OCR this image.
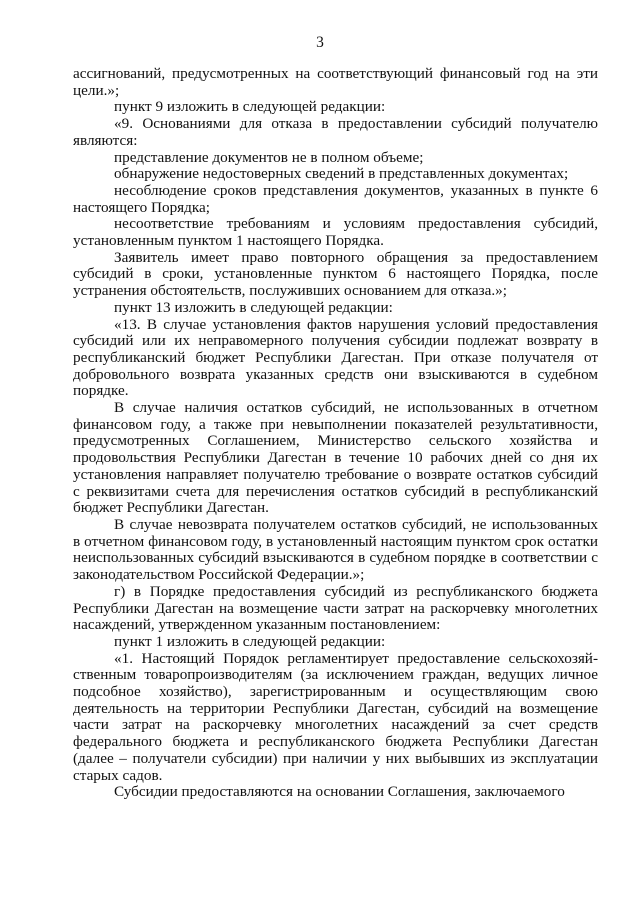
3

ассигнований, предусмотренных на соответствующий финансовый год на эти цели.»;

пункт 9 изложить в следующей редакции:

«9. Основаниями для отказа в предоставлении субсидий получателю являются:

представление документов не в полном объеме;

обнаружение недостоверных сведений в представленных документах;

несоблюдение сроков представления документов, указанных в пункте 6 настоящего Порядка;

несоответствие требованиям и условиям предоставления субсидий, установленным пунктом 1 настоящего Порядка.

Заявитель имеет право повторного обращения за предоставлением субсидий в сроки, установленные пунктом 6 настоящего Порядка, после устранения обстоятельств, послуживших основанием для отказа.»;

пункт 13 изложить в следующей редакции:

«13. В случае установления фактов нарушения условий предоставления субсидий или их неправомерного получения субсидии подлежат возврату в республиканский бюджет Республики Дагестан. При отказе получателя от добровольного возврата указанных средств они взыскиваются в судебном порядке.

В случае наличия остатков субсидий, не использованных в отчетном финансовом году, а также при невыполнении показателей результативности, предусмотренных Соглашением, Министерство сельского хозяйства и продовольствия Республики Дагестан в течение 10 рабочих дней со дня их установления направляет получателю требование о возврате остатков субсидий с реквизитами счета для перечисления остатков субсидий в республиканский бюджет Республики Дагестан.

В случае невозврата получателем остатков субсидий, не использованных в отчетном финансовом году, в установленный настоящим пунктом срок остатки неиспользованных субсидий взыскиваются в судебном порядке в соответствии с законодательством Российской Федерации.»;

г) в Порядке предоставления субсидий из республиканского бюджета Республики Дагестан на возмещение части затрат на раскорчевку многолетних насаждений, утвержденном указанным постановлением:

пункт 1 изложить в следующей редакции:

«1. Настоящий Порядок регламентирует предоставление сельскохозяйственным товаропроизводителям (за исключением граждан, ведущих личное подсобное хозяйство), зарегистрированным и осуществляющим свою деятельность на территории Республики Дагестан, субсидий на возмещение части затрат на раскорчевку многолетних насаждений за счет средств федерального бюджета и республиканского бюджета Республики Дагестан (далее – получатели субсидии) при наличии у них выбывших из эксплуатации старых садов.

Субсидии предоставляются на основании Соглашения, заключаемого
